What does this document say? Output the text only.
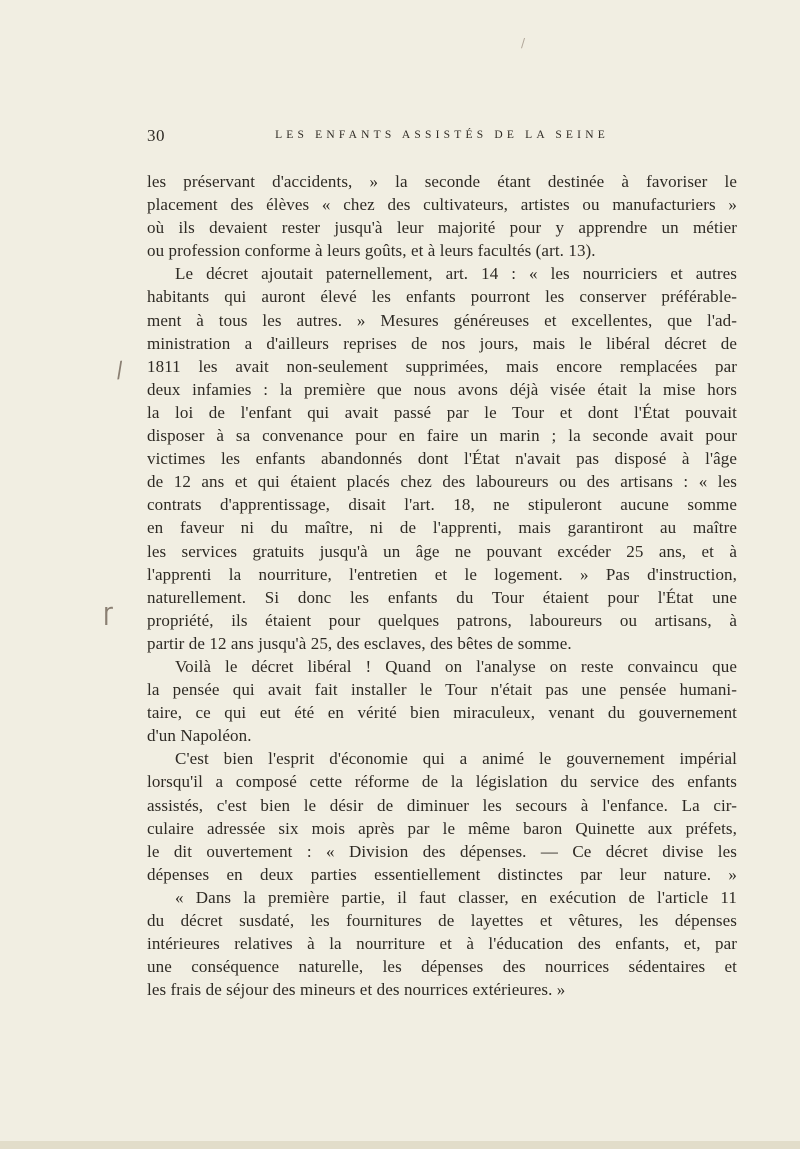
30	LES ENFANTS ASSISTÉS DE LA SEINE
les préservant d'accidents, » la seconde étant destinée à favoriser le
placement des élèves « chez des cultivateurs, artistes ou manufacturiers »
où ils devaient rester jusqu'à leur majorité pour y apprendre un métier
ou profession conforme à leurs goûts, et à leurs facultés (art. 13).
Le décret ajoutait paternellement, art. 14 : « les nourriciers et autres
habitants qui auront élevé les enfants pourront les conserver préférable-
ment à tous les autres. » Mesures généreuses et excellentes, que l'ad-
ministration a d'ailleurs reprises de nos jours, mais le libéral décret de
1811 les avait non-seulement supprimées, mais encore remplacées par
deux infamies : la première que nous avons déjà visée était la mise hors
la loi de l'enfant qui avait passé par le Tour et dont l'État pouvait
disposer à sa convenance pour en faire un marin ; la seconde avait pour
victimes les enfants abandonnés dont l'État n'avait pas disposé à l'âge
de 12 ans et qui étaient placés chez des laboureurs ou des artisans : « les
contrats d'apprentissage, disait l'art. 18, ne stipuleront aucune somme
en faveur ni du maître, ni de l'apprenti, mais garantiront au maître
les services gratuits jusqu'à un âge ne pouvant excéder 25 ans, et à
l'apprenti la nourriture, l'entretien et le logement. » Pas d'instruction,
naturellement. Si donc les enfants du Tour étaient pour l'État une
propriété, ils étaient pour quelques patrons, laboureurs ou artisans, à
partir de 12 ans jusqu'à 25, des esclaves, des bêtes de somme.
Voilà le décret libéral ! Quand on l'analyse on reste convaincu que
la pensée qui avait fait installer le Tour n'était pas une pensée humani-
taire, ce qui eut été en vérité bien miraculeux, venant du gouvernement
d'un Napoléon.
C'est bien l'esprit d'économie qui a animé le gouvernement impérial
lorsqu'il a composé cette réforme de la législation du service des enfants
assistés, c'est bien le désir de diminuer les secours à l'enfance. La cir-
culaire adressée six mois après par le même baron Quinette aux préfets,
le dit ouvertement : « Division des dépenses. — Ce décret divise les
dépenses en deux parties essentiellement distinctes par leur nature. »
« Dans la première partie, il faut classer, en exécution de l'article 11
du décret susdaté, les fournitures de layettes et vêtures, les dépenses
intérieures relatives à la nourriture et à l'éducation des enfants, et, par
une conséquence naturelle, les dépenses des nourrices sédentaires et
les frais de séjour des mineurs et des nourrices extérieures. »
/
ɼ
/
